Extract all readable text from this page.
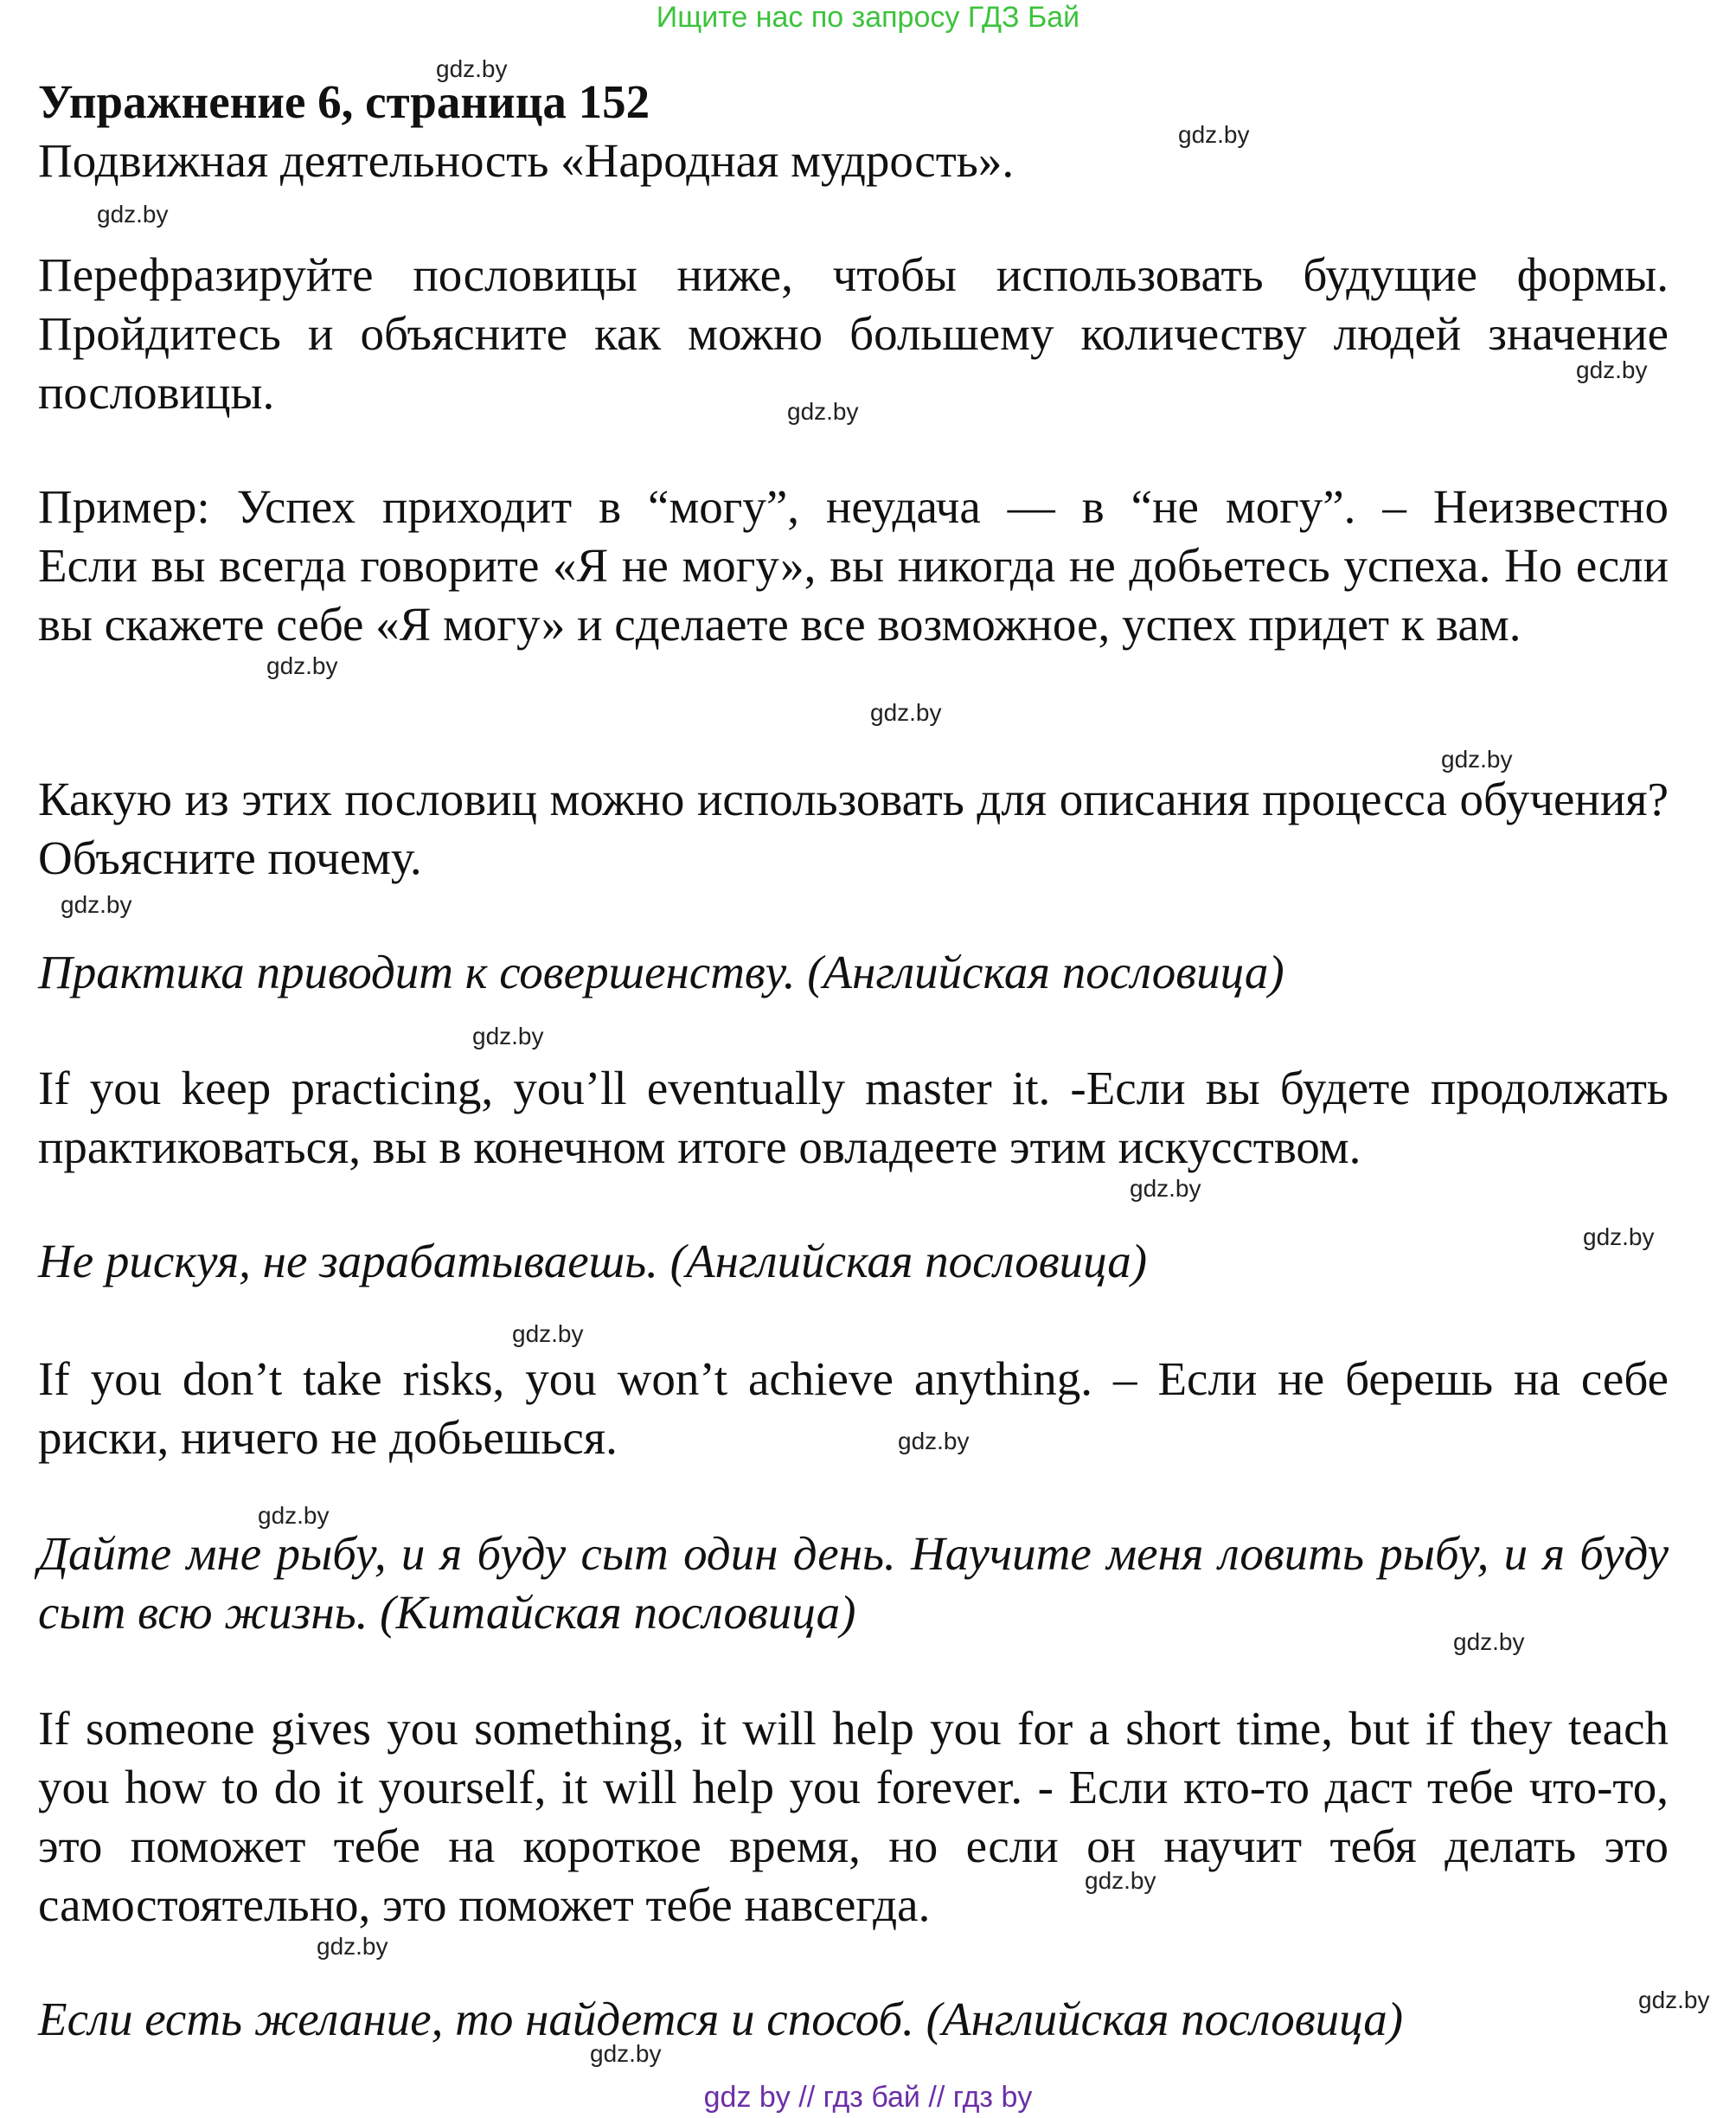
Ищите нас по запросу ГДЗ Бай
Упражнение 6, страница 152
Подвижная деятельность «Народная мудрость».
Перефразируйте пословицы ниже, чтобы использовать будущие формы. Пройдитесь и объясните как можно большему количеству людей значение пословицы.
Пример: Успех приходит в “могу”, неудача — в “не могу”. – Неизвестно
Если вы всегда говорите «Я не могу», вы никогда не добьетесь успеха. Но если вы скажете себе «Я могу» и сделаете все возможное, успех придет к вам.
Какую из этих пословиц можно использовать для описания процесса обучения? Объясните почему.
Практика приводит к совершенству. (Английская пословица)
If you keep practicing, you’ll eventually master it. -Если вы будете продолжать практиковаться, вы в конечном итоге овладеете этим искусством.
Не рискуя, не зарабатываешь. (Английская пословица)
If you don’t take risks, you won’t achieve anything. – Если не берешь на себе риски, ничего не добьешься.
Дайте мне рыбу, и я буду сыт один день. Научите меня ловить рыбу, и я буду сыт всю жизнь. (Китайская пословица)
If someone gives you something, it will help you for a short time, but if they teach you how to do it yourself, it will help you forever. - Если кто-то даст тебе что-то, это поможет тебе на короткое время, но если он научит тебя делать это самостоятельно, это поможет тебе навсегда.
Если есть желание, то найдется и способ. (Английская пословица)
gdz.by
gdz.by
gdz.by
gdz.by
gdz.by
gdz.by
gdz.by
gdz.by
gdz.by
gdz.by
gdz.by
gdz.by
gdz.by
gdz.by
gdz.by
gdz.by
gdz.by
gdz.by
gdz.by
gdz.by
gdz by // гдз бай // гдз by
